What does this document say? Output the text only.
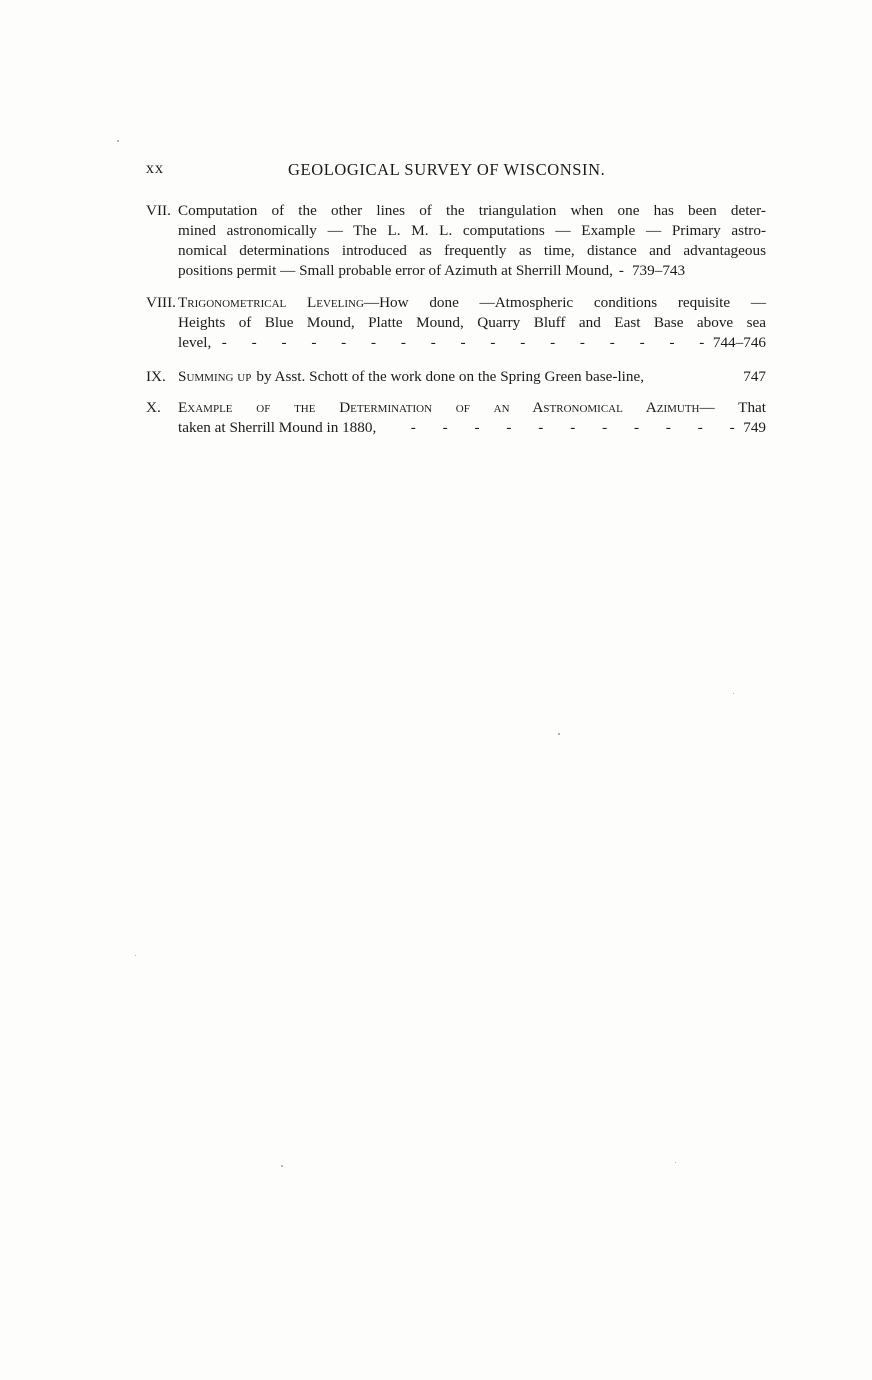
xx	GEOLOGICAL SURVEY OF WISCONSIN.
VII. Computation of the other lines of the triangulation when one has been deter-
mined astronomically — The L. M. L. computations — Example — Primary astro-
nomical determinations introduced as frequently as time, distance and advantageous
positions permit — Small probable error of Azimuth at Sherrill Mound, - 739–743
VIII. Trigonometrical Leveling—How done —Atmospheric conditions requisite —
Heights of Blue Mound, Platte Mound, Quarry Bluff and East Base above sea
level, - - - - - - - - - - - - - - - - - 744–746
IX. Summing up by Asst. Schott of the work done on the Spring Green base-line,	747
X. Example of the Determination of an Astronomical Azimuth— That
taken at Sherrill Mound in 1880, - - - - - - - - - - - 749
